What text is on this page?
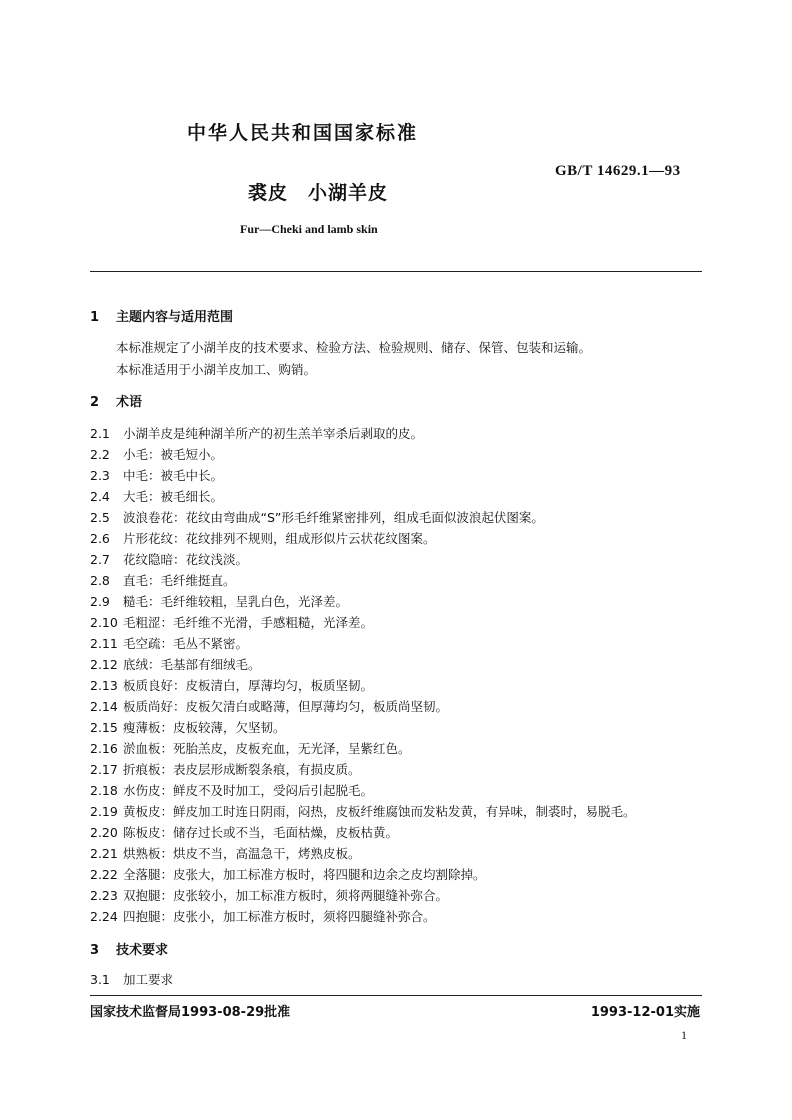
中华人民共和国国家标准
GB/T 14629.1—93
裘皮　小湖羊皮
Fur—Cheki and lamb skin
1 主题内容与适用范围
本标准规定了小湖羊皮的技术要求、检验方法、检验规则、储存、保管、包装和运输。
本标准适用于小湖羊皮加工、购销。
2 术语
2.1 小湖羊皮是纯种湖羊所产的初生羔羊宰杀后剥取的皮。
2.2 小毛：被毛短小。
2.3 中毛：被毛中长。
2.4 大毛：被毛细长。
2.5 波浪卷花：花纹由弯曲成“S”形毛纤维紧密排列，组成毛面似波浪起伏图案。
2.6 片形花纹：花纹排列不规则，组成形似片云状花纹图案。
2.7 花纹隐暗：花纹浅淡。
2.8 直毛：毛纤维挺直。
2.9 糙毛：毛纤维较粗，呈乳白色，光泽差。
2.10 毛粗涩：毛纤维不光滑，手感粗糙，光泽差。
2.11 毛空疏：毛丛不紧密。
2.12 底绒：毛基部有细绒毛。
2.13 板质良好：皮板清白，厚薄均匀，板质坚韧。
2.14 板质尚好：皮板欠清白或略薄，但厚薄均匀，板质尚坚韧。
2.15 瘦薄板：皮板较薄，欠坚韧。
2.16 淤血板：死胎羔皮，皮板充血，无光泽，呈紫红色。
2.17 折痕板：表皮层形成断裂条痕，有损皮质。
2.18 水伤皮：鲜皮不及时加工，受闷后引起脱毛。
2.19 黄板皮：鲜皮加工时连日阴雨，闷热，皮板纤维腐蚀而发粘发黄，有异味，制裘时，易脱毛。
2.20 陈板皮：储存过长或不当，毛面枯燥，皮板枯黄。
2.21 烘熟板：烘皮不当，高温急干，烤熟皮板。
2.22 全落腿：皮张大，加工标准方板时，将四腿和边余之皮均割除掉。
2.23 双抱腿：皮张较小，加工标准方板时，须将两腿缝补弥合。
2.24 四抱腿：皮张小，加工标准方板时，须将四腿缝补弥合。
3 技术要求
3.1 加工要求
国家技术监督局1993-08-29批准	1993-12-01实施
1
